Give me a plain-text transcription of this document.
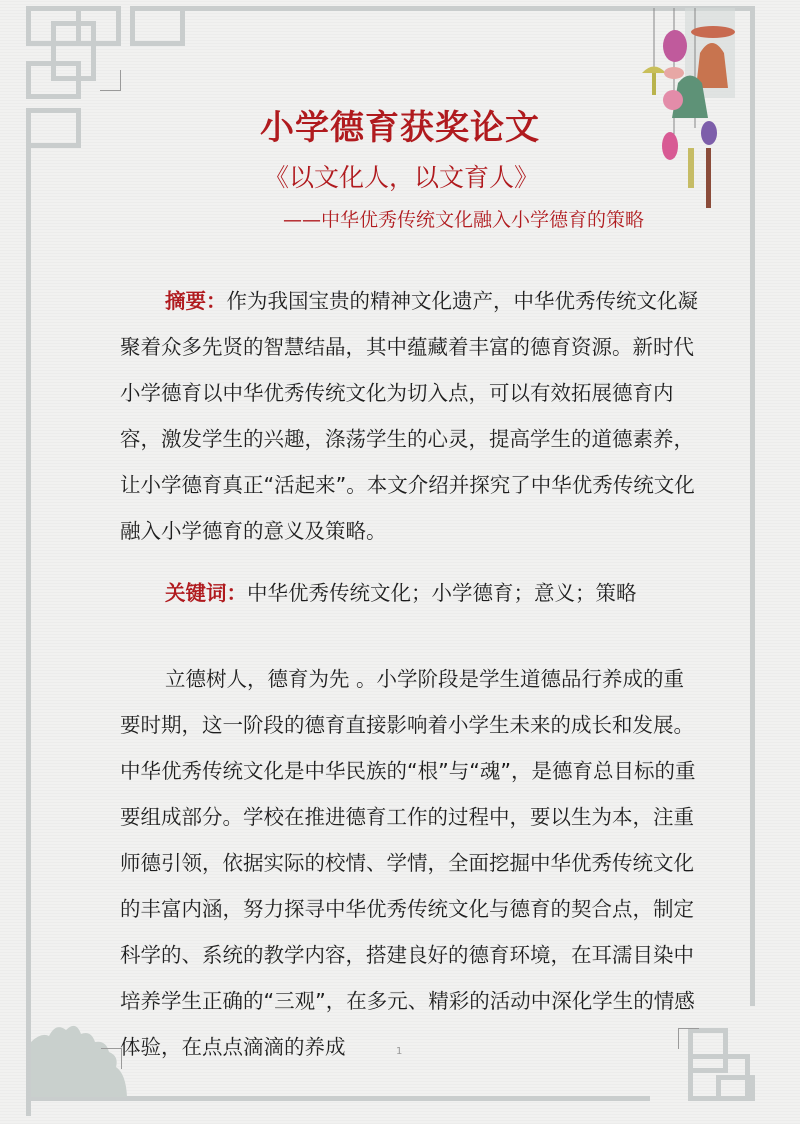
小学德育获奖论文
《以文化人，以文育人》
——中华优秀传统文化融入小学德育的策略
摘要：作为我国宝贵的精神文化遗产，中华优秀传统文化凝聚着众多先贤的智慧结晶，其中蕴藏着丰富的德育资源。新时代小学德育以中华优秀传统文化为切入点，可以有效拓展德育内容，激发学生的兴趣，涤荡学生的心灵，提高学生的道德素养，让小学德育真正“活起来”。本文介绍并探究了中华优秀传统文化融入小学德育的意义及策略。
关键词：中华优秀传统文化；小学德育；意义；策略
立德树人，德育为先 。小学阶段是学生道德品行养成的重要时期，这一阶段的德育直接影响着小学生未来的成长和发展。中华优秀传统文化是中华民族的“根”与“魂”，是德育总目标的重要组成部分。学校在推进德育工作的过程中，要以生为本，注重师德引领，依据实际的校情、学情，全面挖掘中华优秀传统文化的丰富内涵，努力探寻中华优秀传统文化与德育的契合点，制定科学的、系统的教学内容，搭建良好的德育环境，在耳濡目染中培养学生正确的“三观”，在多元、精彩的活动中深化学生的情感体验，在点点滴滴的养成	1
